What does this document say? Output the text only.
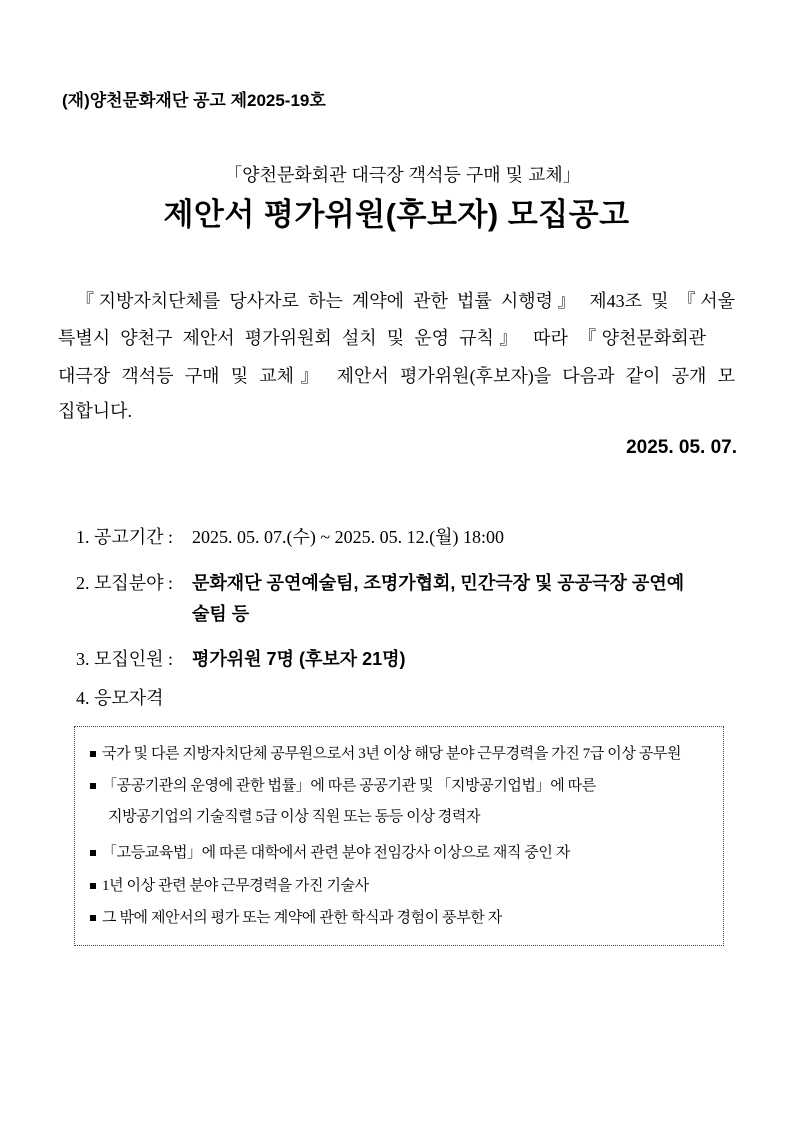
(재)양천문화재단 공고 제2025-19호
「양천문화회관 대극장 객석등 구매 및 교체」
제안서 평가위원(후보자) 모집공고
『지방자치단체를 당사자로 하는 계약에 관한 법률 시행령』 제43조 및 『서울
특별시 양천구 제안서 평가위원회 설치 및 운영 규칙』 따라 『양천문화회관
대극장 객석등 구매 및 교체』 제안서 평가위원(후보자)을 다음과 같이 공개 모
집합니다.
2025. 05. 07.
1. 공고기간 : 2025. 05. 07.(수) ~ 2025. 05. 12.(월) 18:00
2. 모집분야 : 문화재단 공연예술팀, 조명가협회, 민간극장 및 공공극장 공연예
술팀 등
3. 모집인원 : 평가위원 7명 (후보자 21명)
4. 응모자격
국가 및 다른 지방자치단체 공무원으로서 3년 이상 해당 분야 근무경력을 가진 7급 이상 공무원
「공공기관의 운영에 관한 법률」에 따른 공공기관 및 「지방공기업법」에 따른
지방공기업의 기술직렬 5급 이상 직원 또는 동등 이상 경력자
「고등교육법」에 따른 대학에서 관련 분야 전임강사 이상으로 재직 중인 자
1년 이상 관련 분야 근무경력을 가진 기술사
그 밖에 제안서의 평가 또는 계약에 관한 학식과 경험이 풍부한 자
